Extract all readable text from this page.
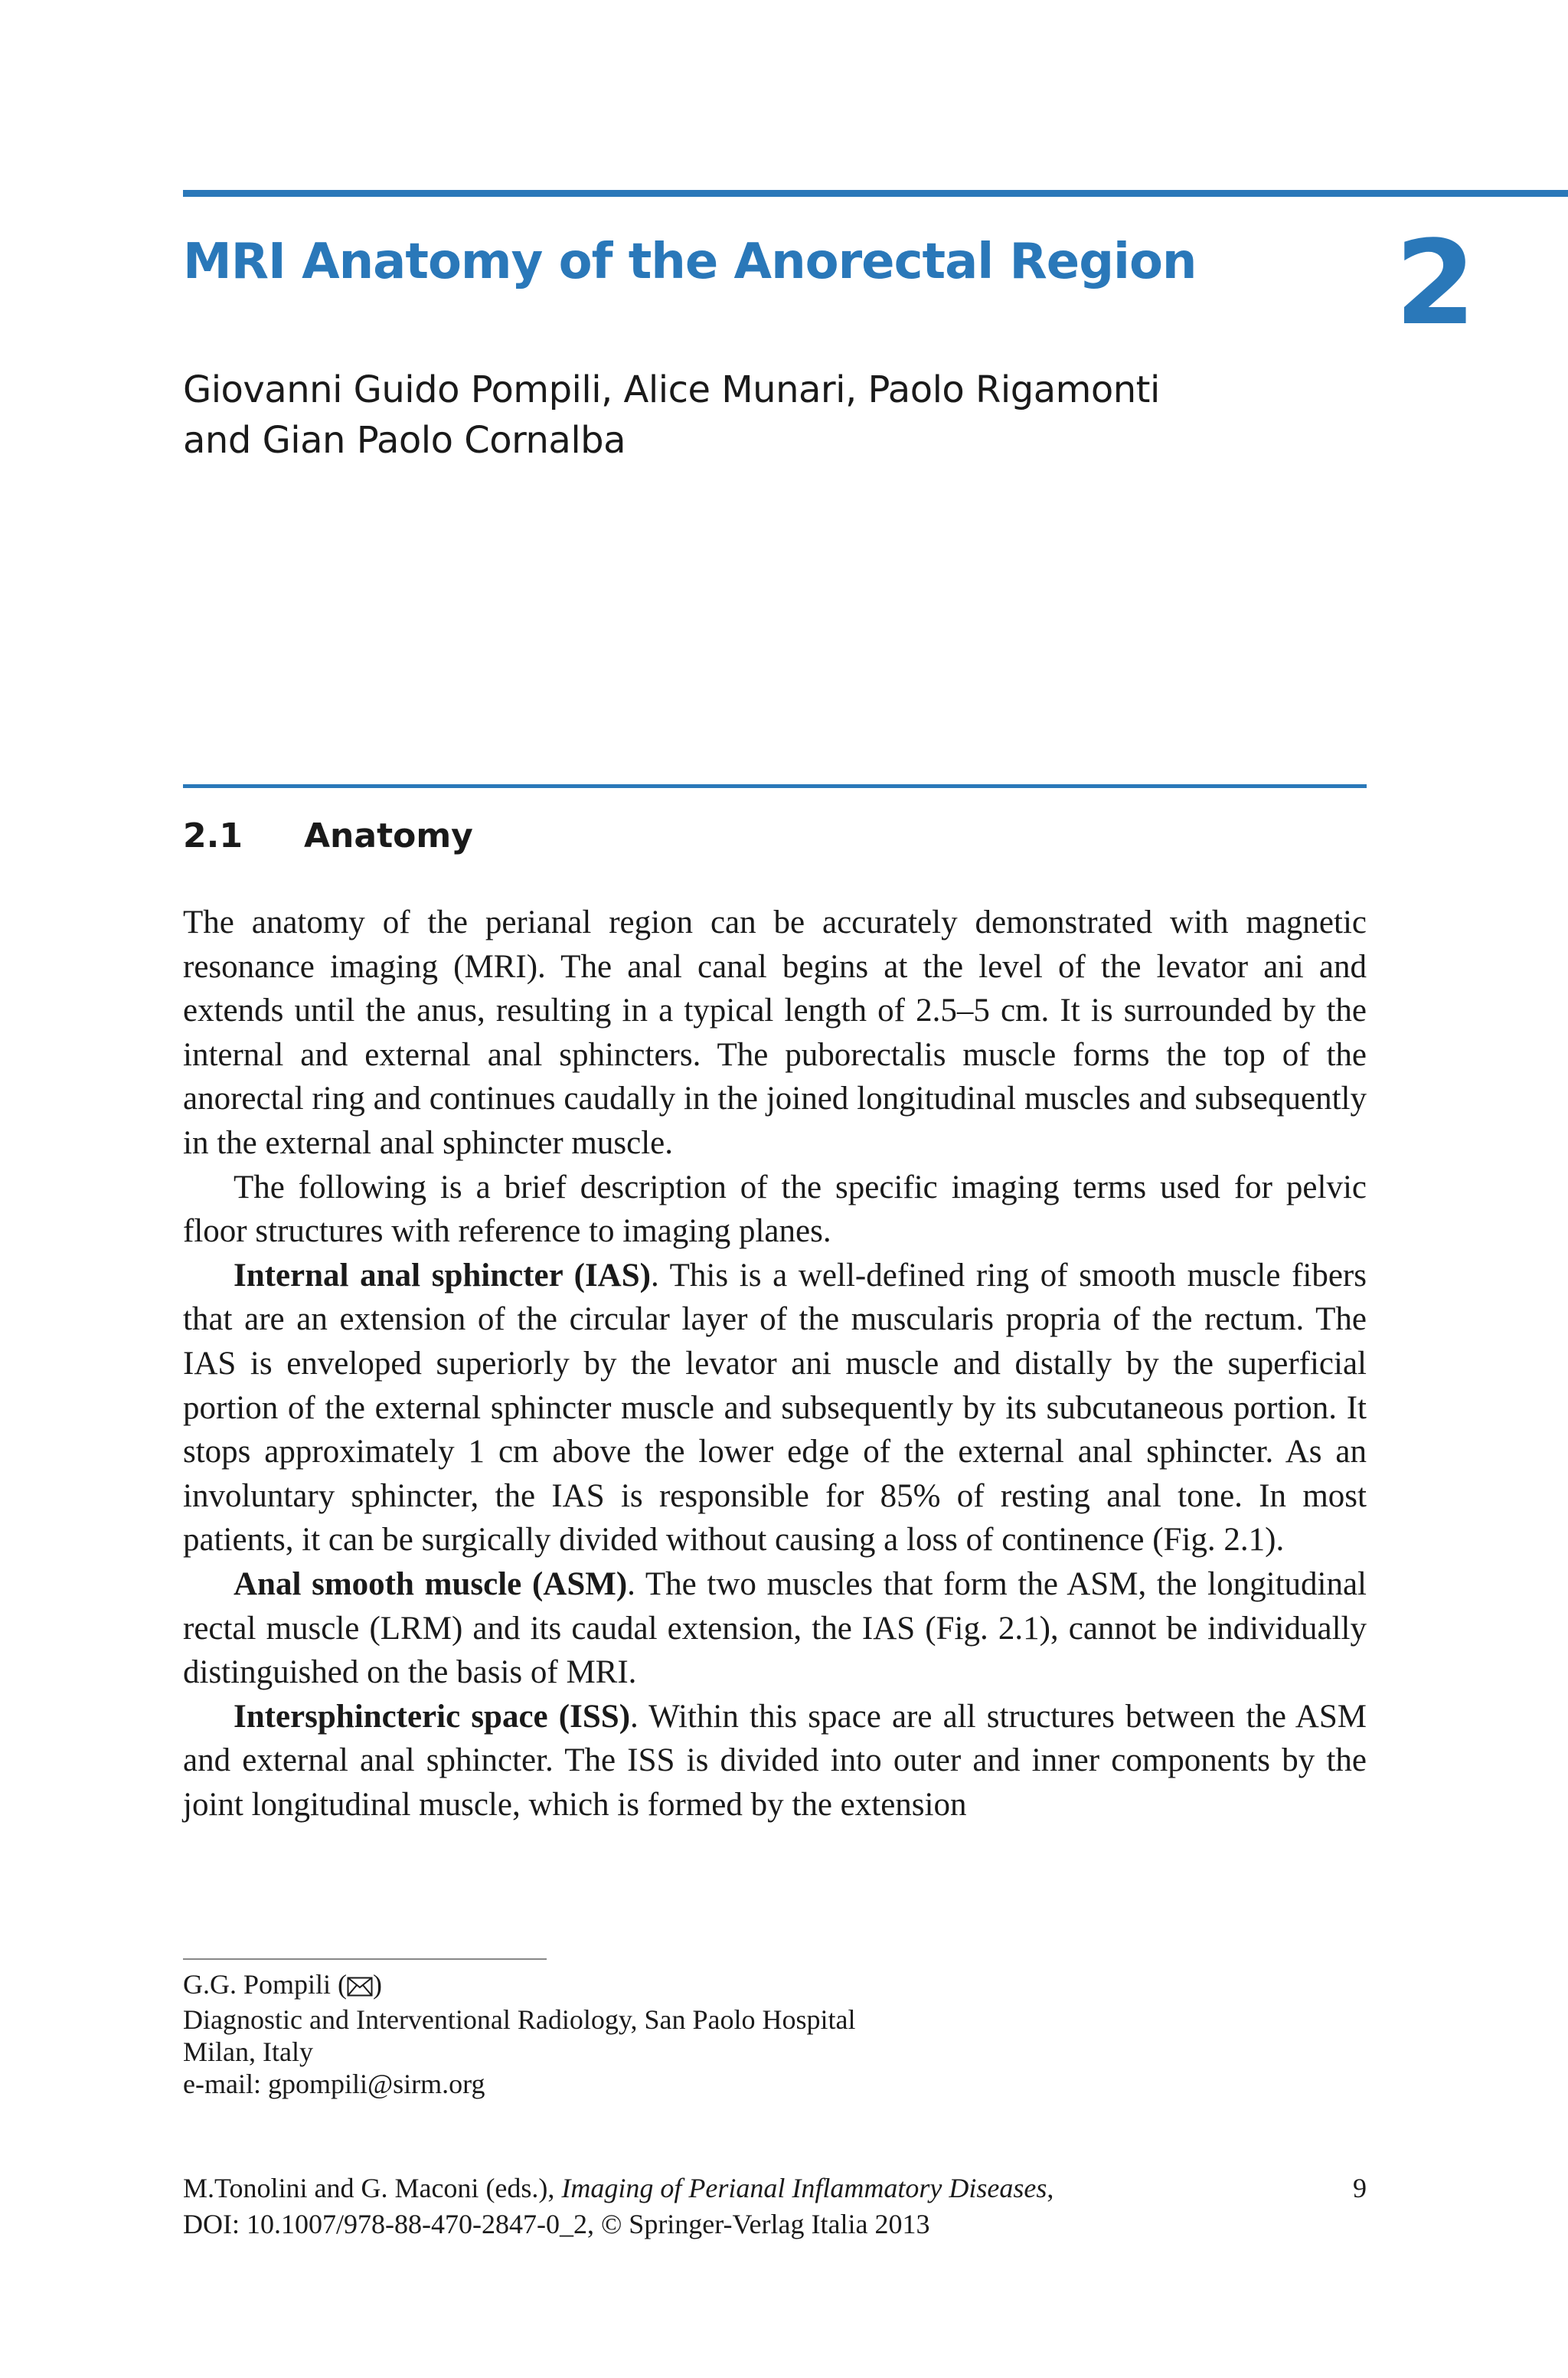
MRI Anatomy of the Anorectal Region 2
Giovanni Guido Pompili, Alice Munari, Paolo Rigamonti
and Gian Paolo Cornalba
2.1 Anatomy

The anatomy of the perianal region can be accurately demonstrated with magnetic resonance imaging (MRI). The anal canal begins at the level of the levator ani and extends until the anus, resulting in a typical length of 2.5–5 cm. It is surrounded by the internal and external anal sphincters. The puborectalis muscle forms the top of the anorectal ring and continues caudally in the joined longitudinal muscles and subsequently in the external anal sphincter muscle.

The following is a brief description of the specific imaging terms used for pelvic floor structures with reference to imaging planes.

Internal anal sphincter (IAS). This is a well-defined ring of smooth muscle fibers that are an extension of the circular layer of the muscularis propria of the rectum. The IAS is enveloped superiorly by the levator ani muscle and distally by the superficial portion of the external sphincter muscle and subsequently by its subcutaneous portion. It stops approximately 1 cm above the lower edge of the external anal sphincter. As an involuntary sphincter, the IAS is responsible for 85% of resting anal tone. In most patients, it can be surgically divided without causing a loss of continence (Fig. 2.1).

Anal smooth muscle (ASM). The two muscles that form the ASM, the longitudinal rectal muscle (LRM) and its caudal extension, the IAS (Fig. 2.1), cannot be individually distinguished on the basis of MRI.

Intersphincteric space (ISS). Within this space are all structures between the ASM and external anal sphincter. The ISS is divided into outer and inner components by the joint longitudinal muscle, which is formed by the extension

G.G. Pompili ( )
Diagnostic and Interventional Radiology, San Paolo Hospital
Milan, Italy
e-mail: gpompili@sirm.org
M.Tonolini and G. Maconi (eds.), Imaging of Perianal Inflammatory Diseases,
DOI: 10.1007/978-88-470-2847-0_2, © Springer-Verlag Italia 2013
9
